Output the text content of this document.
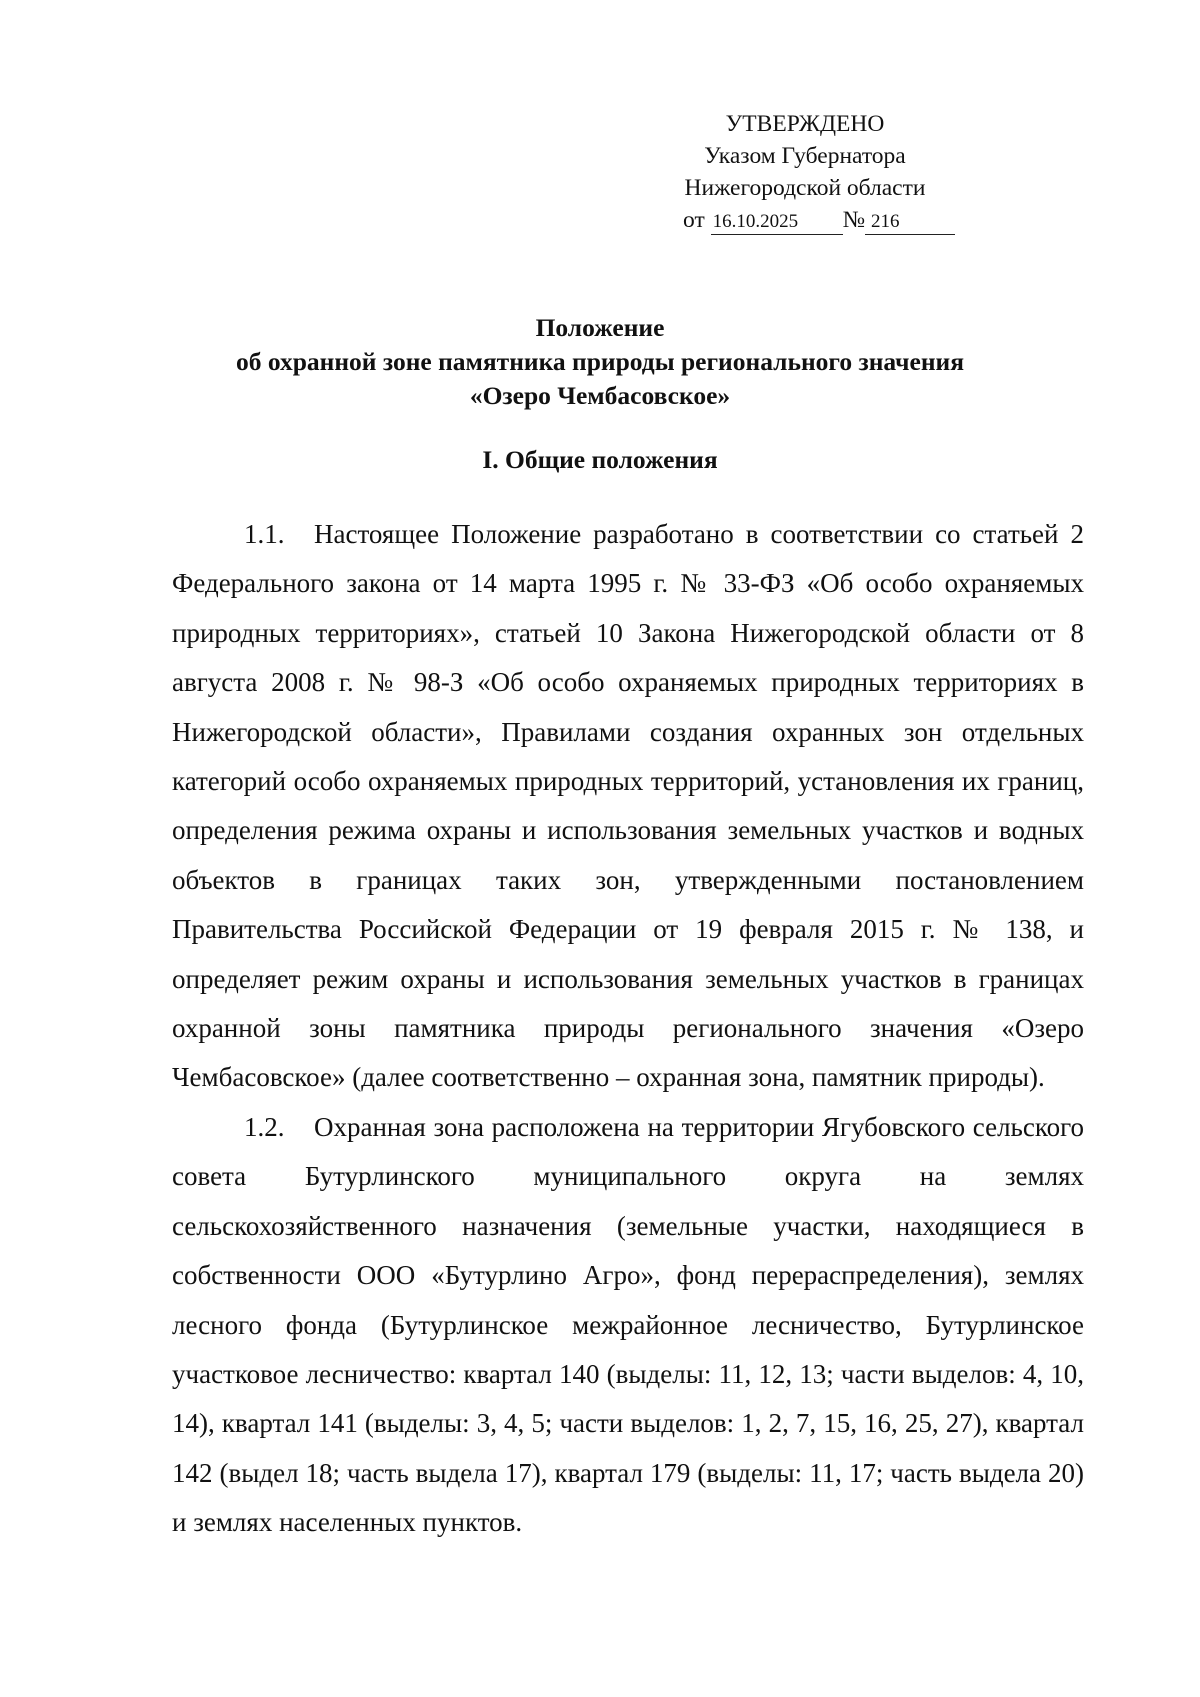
УТВЕРЖДЕНО
Указом Губернатора
Нижегородской области
от 16.10.2025 № 216
Положение
об охранной зоне памятника природы регионального значения
«Озеро Чембасовское»
I. Общие положения

1.1. Настоящее Положение разработано в соответствии со статьей 2 Федерального закона от 14 марта 1995 г. № 33-ФЗ «Об особо охраняемых природных территориях», статьей 10 Закона Нижегородской области от 8 августа 2008 г. № 98-З «Об особо охраняемых природных территориях в Нижегородской области», Правилами создания охранных зон отдельных категорий особо охраняемых природных территорий, установления их границ, определения режима охраны и использования земельных участков и водных объектов в границах таких зон, утвержденными постановлением Правительства Российской Федерации от 19 февраля 2015 г. № 138, и определяет режим охраны и использования земельных участков в границах охранной зоны памятника природы регионального значения «Озеро Чембасовское» (далее соответственно – охранная зона, памятник природы).

1.2. Охранная зона расположена на территории Ягубовского сельского совета Бутурлинского муниципального округа на землях сельскохозяйственного назначения (земельные участки, находящиеся в собственности ООО «Бутурлино Агро», фонд перераспределения), землях лесного фонда (Бутурлинское межрайонное лесничество, Бутурлинское участковое лесничество: квартал 140 (выделы: 11, 12, 13; части выделов: 4, 10, 14), квартал 141 (выделы: 3, 4, 5; части выделов: 1, 2, 7, 15, 16, 25, 27), квартал 142 (выдел 18; часть выдела 17), квартал 179 (выделы: 11, 17; часть выдела 20) и землях населенных пунктов.
